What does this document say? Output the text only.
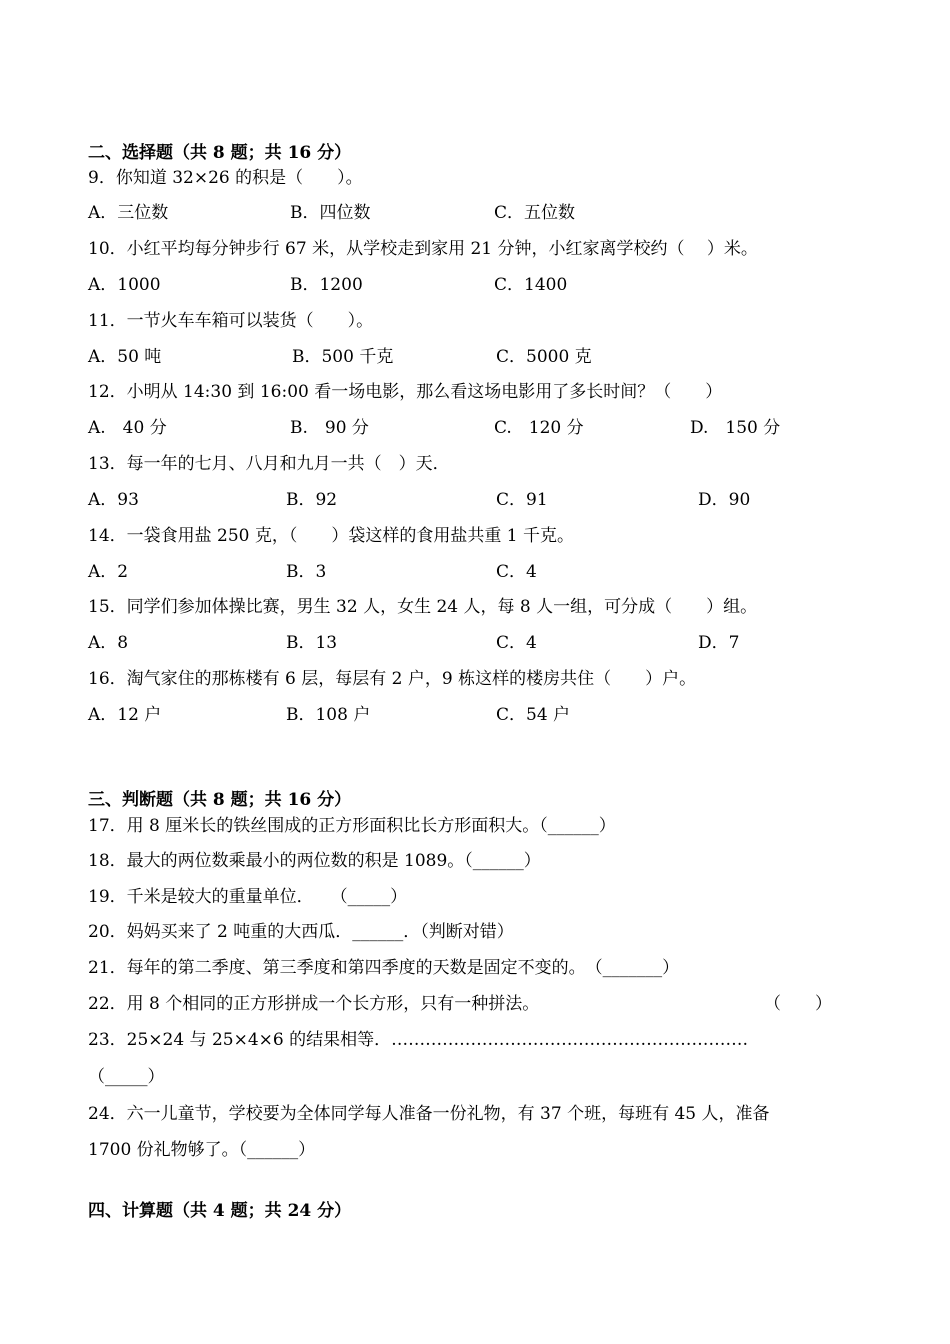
二、选择题（共 8 题；共 16 分）
9．你知道 32×26 的积是（　　）。
A．三位数	B．四位数	C．五位数
10．小红平均每分钟步行 67 米，从学校走到家用 21 分钟，小红家离学校约（　 ）米。
A．1000	B．1200	C．1400
11．一节火车车箱可以装货（　　）。
A．50 吨	B．500 千克	C．5000 克
12．小明从 14:30 到 16:00 看一场电影，那么看这场电影用了多长时间？（　　）
A.　40 分	B.　90 分	C.　120 分	D.　150 分
13．每一年的七月、八月和九月一共（　）天．
A．93	B．92	C．91	D．90
14．一袋食用盐 250 克，（　　）袋这样的食用盐共重 1 千克。
A．2	B．3	C．4
15．同学们参加体操比赛，男生 32 人，女生 24 人，每 8 人一组，可分成（　　）组。
A．8	B．13	C．4	D．7
16．淘气家住的那栋楼有 6 层，每层有 2 户，9 栋这样的楼房共住（　　）户。
A．12 户	B．108 户	C．54 户
三、判断题（共 8 题；共 16 分）
17．用 8 厘米长的铁丝围成的正方形面积比长方形面积大。（______）
18．最大的两位数乘最小的两位数的积是 1089。（______）
19．千米是较大的重量单位．　　（_____）
20．妈妈买来了 2 吨重的大西瓜．______．（判断对错）
21．每年的第二季度、第三季度和第四季度的天数是固定不变的。　（_______）
22．用 8 个相同的正方形拼成一个长方形，只有一种拼法。	（　　）
23．25×24 与 25×4×6 的结果相等．………………………………………………………
（_____）
24．六一儿童节，学校要为全体同学每人准备一份礼物，有 37 个班，每班有 45 人，准备
1700 份礼物够了。（______）
四、计算题（共 4 题；共 24 分）
